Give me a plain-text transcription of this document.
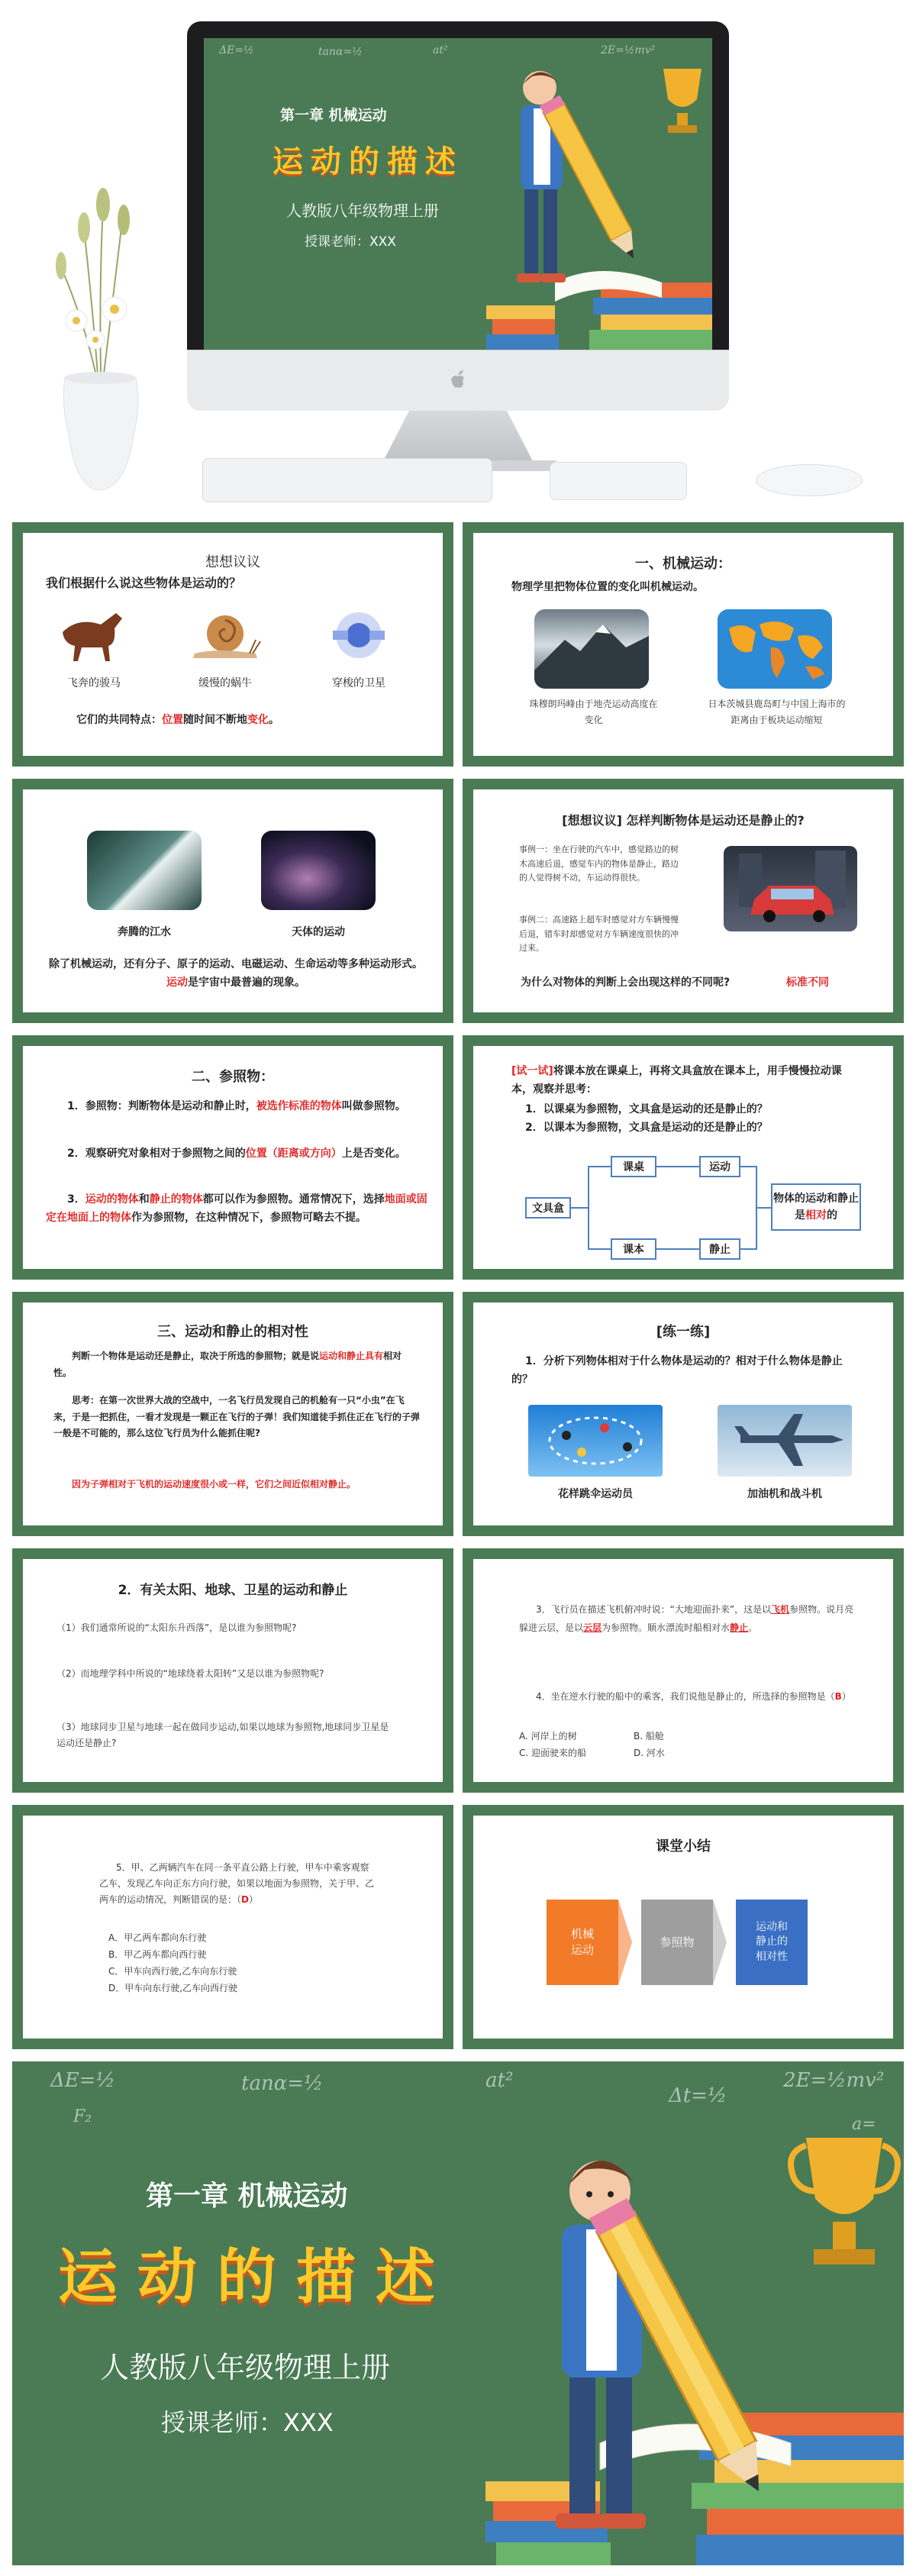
ΔE=½	tanα=½	at²	2E=½mv²
第一章 机械运动
运动的描述
人教版八年级物理上册
授课老师：XXX
想想议议
我们根据什么说这些物体是运动的？
飞奔的骏马	缓慢的蜗牛	穿梭的卫星
它们的共同特点：位置随时间不断地变化。
一、机械运动：
物理学里把物体位置的变化叫机械运动。
珠穆朗玛峰由于地壳运动高度在变化
日本茨城县鹿岛町与中国上海市的距离由于板块运动缩短
奔腾的江水	天体的运动
除了机械运动，还有分子、原子的运动、电磁运动、生命运动等多种运动形式。运动是宇宙中最普遍的现象。
[想想议议] 怎样判断物体是运动还是静止的?
事例一：坐在行驶的汽车中，感觉路边的树木高速后退，感觉车内的物体是静止，路边的人觉得树不动，车运动得很快。
事例二：高速路上超车时感觉对方车辆慢慢后退，错车时却感觉对方车辆速度很快的冲过来。
为什么对物体的判断上会出现这样的不同呢?	标准不同
二、参照物：
1．参照物：判断物体是运动和静止时，被选作标准的物体叫做参照物。
2．观察研究对象相对于参照物之间的位置（距离或方向）上是否变化。
3．运动的物体和静止的物体都可以作为参照物。通常情况下，选择地面或固定在地面上的物体作为参照物，在这种情况下，参照物可略去不提。
[试一试]将课本放在课桌上，再将文具盒放在课本上，用手慢慢拉动课本，观察并思考：
1．以课桌为参照物，文具盒是运动的还是静止的？
2．以课本为参照物，文具盒是运动的还是静止的？
文具盒
课桌
课本
运动
静止
物体的运动和静止是相对的
三、运动和静止的相对性
判断一个物体是运动还是静止，取决于所选的参照物；就是说运动和静止具有相对性。
思考：在第一次世界大战的空战中，一名飞行员发现自己的机舱有一只“小虫”在飞来，于是一把抓住，一看才发现是一颗正在飞行的子弹！我们知道徒手抓住正在飞行的子弹一般是不可能的，那么这位飞行员为什么能抓住呢?
因为子弹相对于飞机的运动速度很小或一样，它们之间近似相对静止。
[练一练]
1．分析下列物体相对于什么物体是运动的？相对于什么物体是静止的？
花样跳伞运动员	加油机和战斗机
2．有关太阳、地球、卫星的运动和静止
（1）我们通常所说的“太阳东升西落”，是以谁为参照物呢?
（2）而地理学科中所说的“地球绕着太阳转”又是以谁为参照物呢?
（3）地球同步卫星与地球一起在做同步运动,如果以地球为参照物,地球同步卫星是运动还是静止?
3．飞行员在描述飞机俯冲时说：“大地迎面扑来”，这是以飞机参照物。说月亮躲进云层，是以云层为参照物。顺水漂流时船相对水静止。
4．坐在逆水行驶的船中的乘客，我们说他是静止的，所选择的参照物是（B）
A. 河岸上的树	B. 船舱
C. 迎面驶来的船	D. 河水
5．甲、乙两辆汽车在同一条平直公路上行驶，甲车中乘客观察乙车，发现乙车向正东方向行驶，如果以地面为参照物，关于甲、乙两车的运动情况，判断错误的是：（D）
A．甲乙两车都向东行驶
B．甲乙两车都向西行驶
C．甲车向西行驶,乙车向东行驶
D．甲车向东行驶,乙车向西行驶
课堂小结
机械
运动
参照物
运动和
静止的
相对性
ΔE=½	tanα=½	at²
Δt=½
2E=½mv²
F₂	a=
第一章 机械运动
运动的描述
人教版八年级物理上册
授课老师：XXX
